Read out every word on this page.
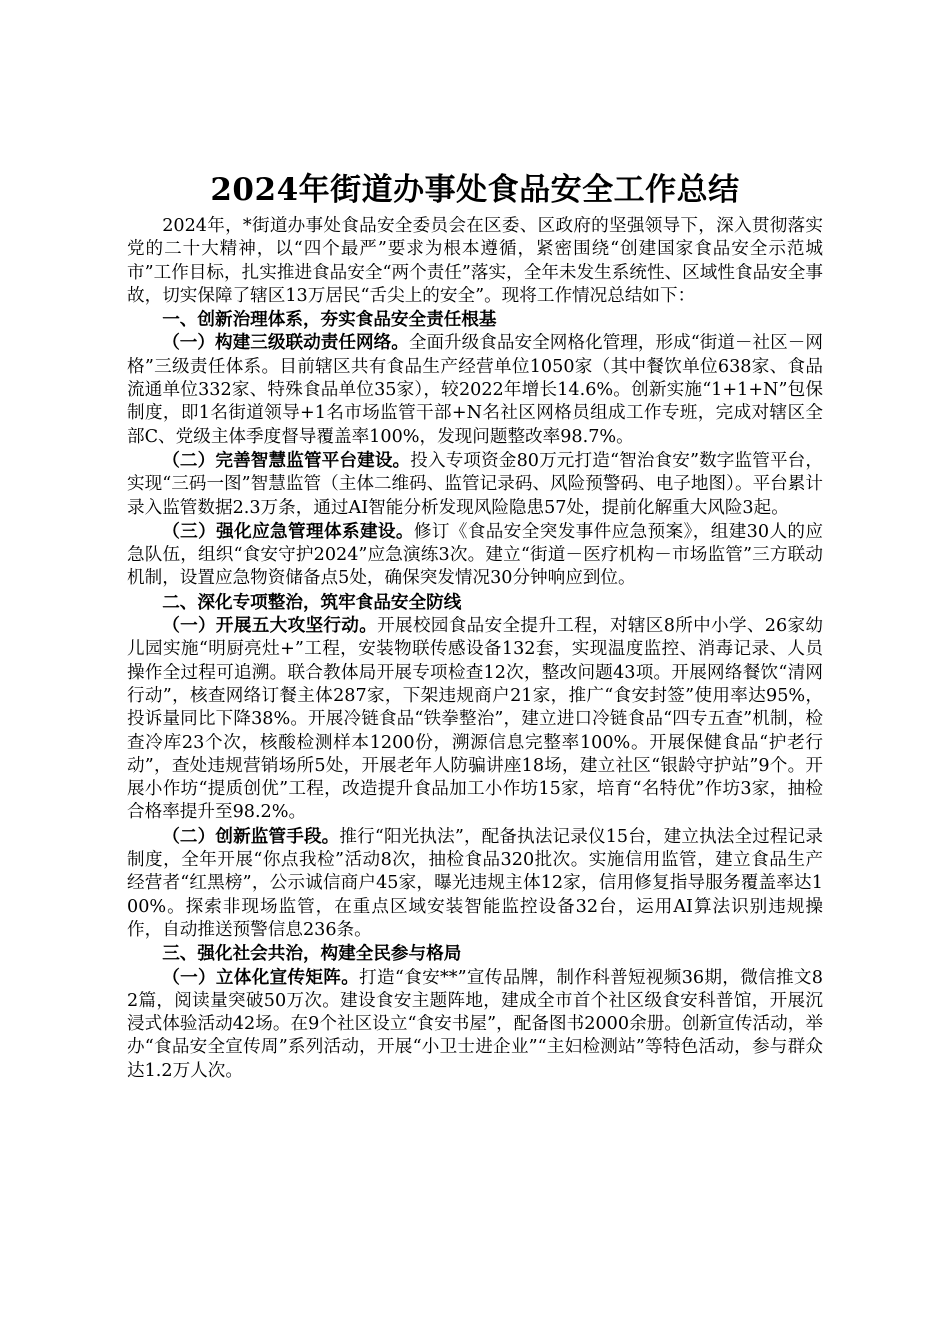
2024年街道办事处食品安全工作总结

2024年，*街道办事处食品安全委员会在区委、区政府的坚强领导下，深入贯彻落实党的二十大精神，以“四个最严”要求为根本遵循，紧密围绕“创建国家食品安全示范城市”工作目标，扎实推进食品安全“两个责任”落实，全年未发生系统性、区域性食品安全事故，切实保障了辖区13万居民“舌尖上的安全”。现将工作情况总结如下：

一、创新治理体系，夯实食品安全责任根基

（一）构建三级联动责任网络。全面升级食品安全网格化管理，形成“街道－社区－网格”三级责任体系。目前辖区共有食品生产经营单位1050家（其中餐饮单位638家、食品流通单位332家、特殊食品单位35家），较2022年增长14.6%。创新实施“1+1+N”包保制度，即1名街道领导+1名市场监管干部+N名社区网格员组成工作专班，完成对辖区全部C、党级主体季度督导覆盖率100%，发现问题整改率98.7%。

（二）完善智慧监管平台建设。投入专项资金80万元打造“智治食安”数字监管平台，实现“三码一图”智慧监管（主体二维码、监管记录码、风险预警码、电子地图）。平台累计录入监管数据2.3万条，通过AI智能分析发现风险隐患57处，提前化解重大风险3起。

（三）强化应急管理体系建设。修订《食品安全突发事件应急预案》，组建30人的应急队伍，组织“食安守护2024”应急演练3次。建立“街道－医疗机构－市场监管”三方联动机制，设置应急物资储备点5处，确保突发情况30分钟响应到位。

二、深化专项整治，筑牢食品安全防线

（一）开展五大攻坚行动。开展校园食品安全提升工程，对辖区8所中小学、26家幼儿园实施“明厨亮灶+”工程，安装物联传感设备132套，实现温度监控、消毒记录、人员操作全过程可追溯。联合教体局开展专项检查12次，整改问题43项。开展网络餐饮“清网行动”，核查网络订餐主体287家，下架违规商户21家，推广“食安封签”使用率达95%，投诉量同比下降38%。开展冷链食品“铁拳整治”，建立进口冷链食品“四专五查”机制，检查冷库23个次，核酸检测样本1200份，溯源信息完整率100%。开展保健食品“护老行动”，查处违规营销场所5处，开展老年人防骗讲座18场，建立社区“银龄守护站”9个。开展小作坊“提质创优”工程，改造提升食品加工小作坊15家，培育“名特优”作坊3家，抽检合格率提升至98.2%。

（二）创新监管手段。推行“阳光执法”，配备执法记录仪15台，建立执法全过程记录制度，全年开展“你点我检”活动8次，抽检食品320批次。实施信用监管，建立食品生产经营者“红黑榜”，公示诚信商户45家，曝光违规主体12家，信用修复指导服务覆盖率达100%。探索非现场监管，在重点区域安装智能监控设备32台，运用AI算法识别违规操作，自动推送预警信息236条。

三、强化社会共治，构建全民参与格局

（一）立体化宣传矩阵。打造“食安**”宣传品牌，制作科普短视频36期，微信推文82篇，阅读量突破50万次。建设食安主题阵地，建成全市首个社区级食安科普馆，开展沉浸式体验活动42场。在9个社区设立“食安书屋”，配备图书2000余册。创新宣传活动，举办“食品安全宣传周”系列活动，开展“小卫士进企业”“主妇检测站”等特色活动，参与群众达1.2万人次。
